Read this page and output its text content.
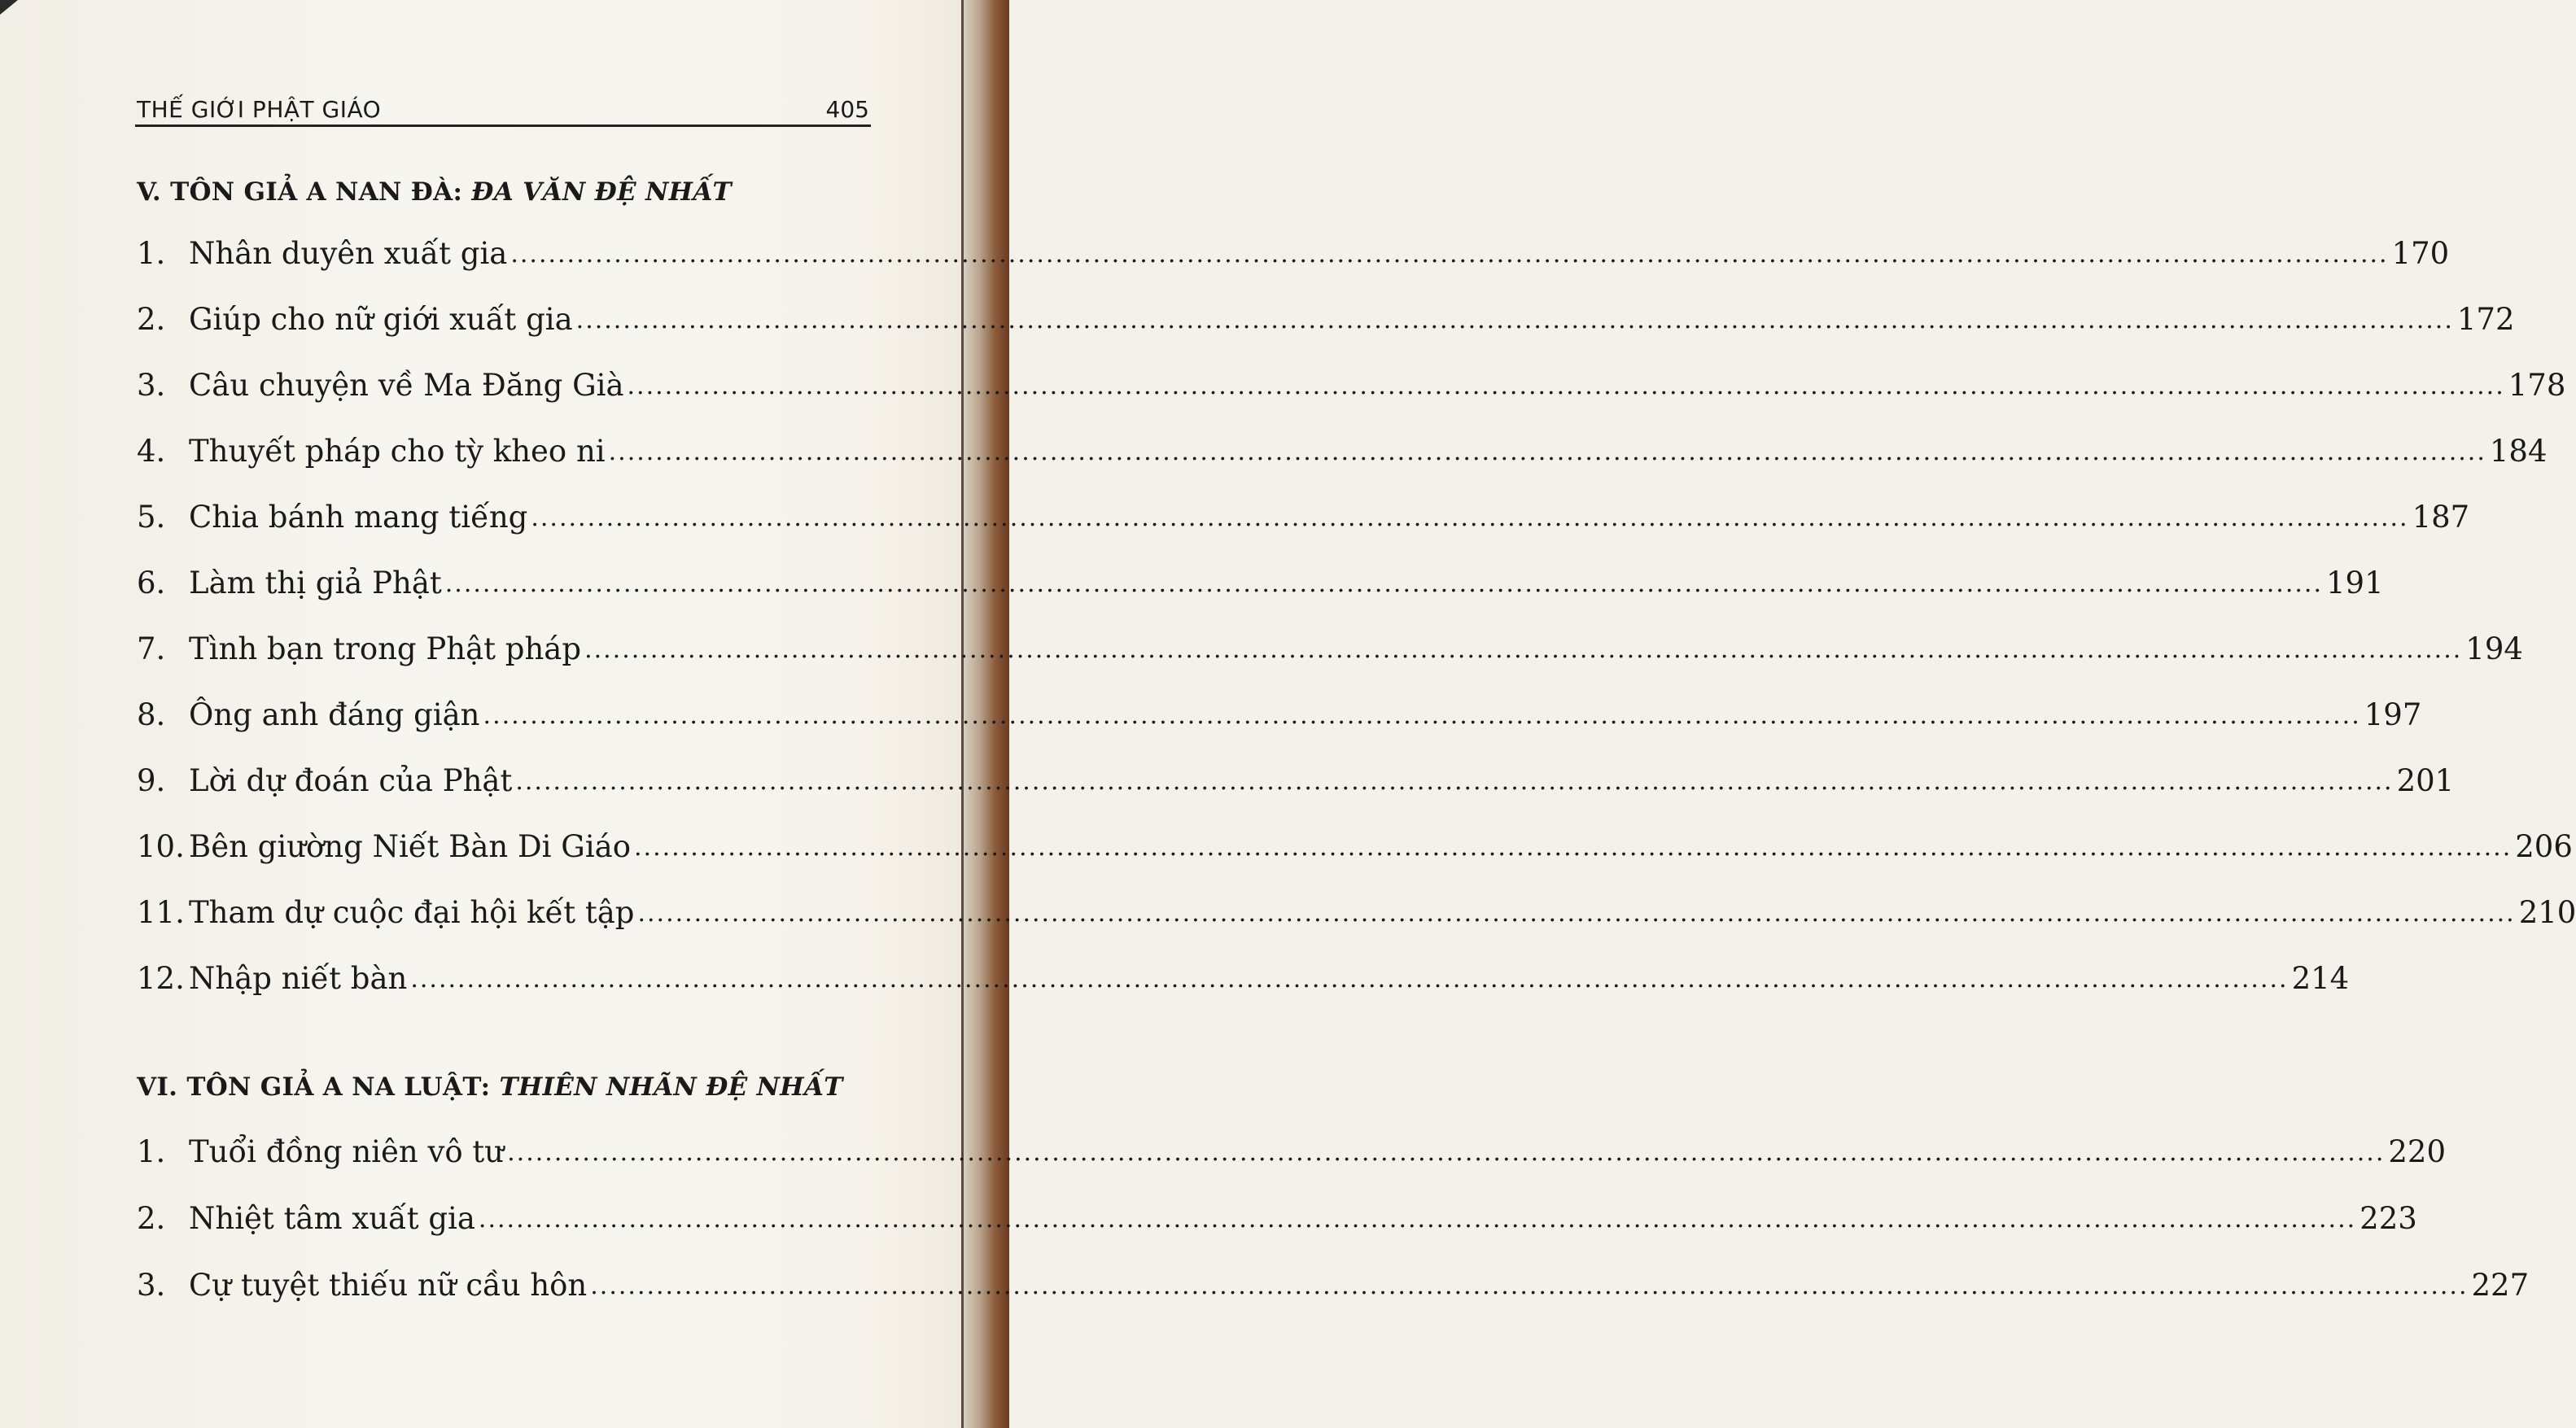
THẾ GIỚI PHẬT GIÁO	405
V. TÔN GIẢ A NAN ĐÀ: ĐA VĂN ĐỆ NHẤT
1. Nhân duyên xuất gia ........................................................................................................................................................................................................ 170
2. Giúp cho nữ giới xuất gia ........................................................................................................................................................................................................ 172
3. Câu chuyện về Ma Đăng Già ........................................................................................................................................................................................................ 178
4. Thuyết pháp cho tỳ kheo ni ........................................................................................................................................................................................................ 184
5. Chia bánh mang tiếng ........................................................................................................................................................................................................ 187
6. Làm thị giả Phật ........................................................................................................................................................................................................ 191
7. Tình bạn trong Phật pháp ........................................................................................................................................................................................................ 194
8. Ông anh đáng giận ........................................................................................................................................................................................................ 197
9. Lời dự đoán của Phật ........................................................................................................................................................................................................ 201
10. Bên giường Niết Bàn Di Giáo ........................................................................................................................................................................................................ 206
11. Tham dự cuộc đại hội kết tập ........................................................................................................................................................................................................ 210
12. Nhập niết bàn ........................................................................................................................................................................................................ 214
VI. TÔN GIẢ A NA LUẬT: THIÊN NHÃN ĐỆ NHẤT
1. Tuổi đồng niên vô tư ........................................................................................................................................................................................................ 220
2. Nhiệt tâm xuất gia ........................................................................................................................................................................................................ 223
3. Cự tuyệt thiếu nữ cầu hôn ........................................................................................................................................................................................................ 227
